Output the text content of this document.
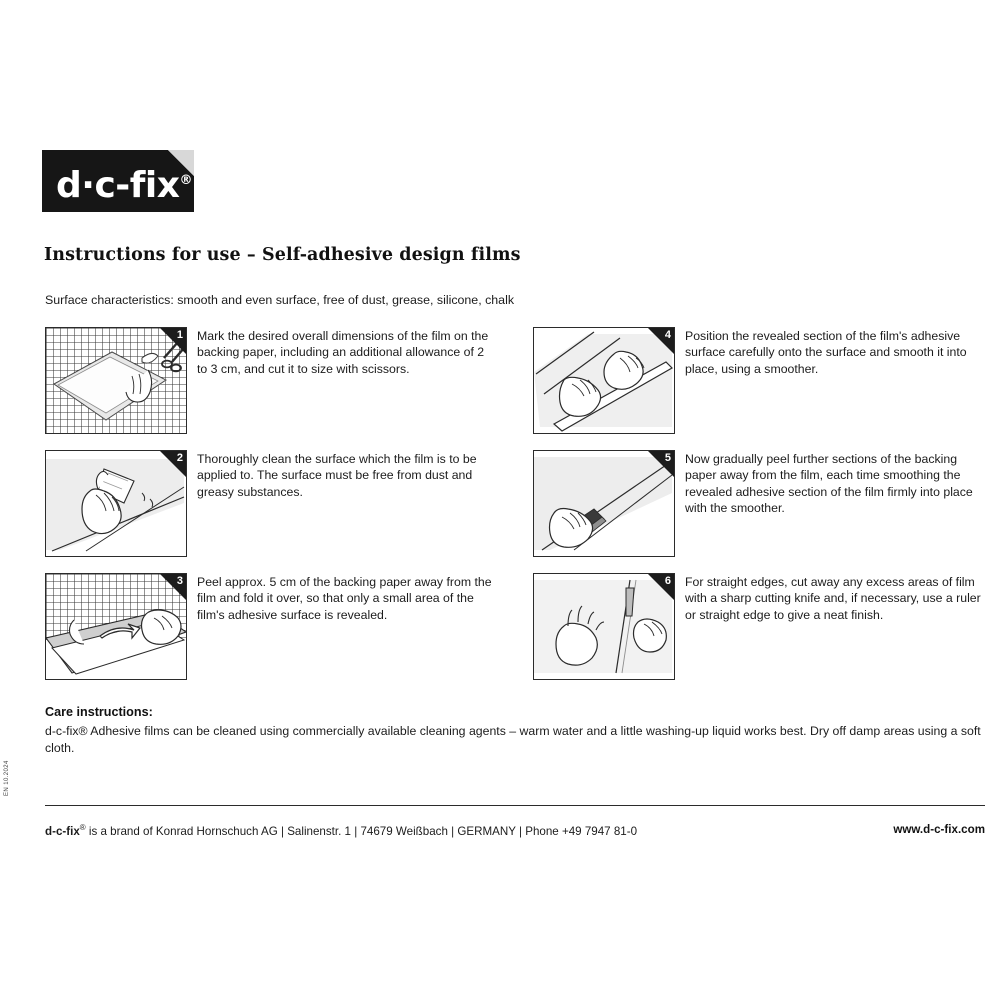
d·c-fix®
Instructions for use – Self-adhesive design films
Surface characteristics: smooth and even surface, free of dust, grease, silicone, chalk
1 Mark the desired overall dimensions of the film on the backing paper, including an additional allowance of 2 to 3 cm, and cut it to size with scissors.
4 Position the revealed section of the film's adhesive surface carefully onto the surface and smooth it into place, using a smoother.
2 Thoroughly clean the surface which the film is to be applied to. The surface must be free from dust and greasy substances.
5 Now gradually peel further sections of the backing paper away from the film, each time smoothing the revealed adhesive section of the film firmly into place with the smoother.
3 Peel approx. 5 cm of the backing paper away from the film and fold it over, so that only a small area of the film's adhesive surface is revealed.
6 For straight edges, cut away any excess areas of film with a sharp cutting knife and, if necessary, use a ruler or straight edge to give a neat finish.
Care instructions:
d-c-fix® Adhesive films can be cleaned using commercially available cleaning agents – warm water and a little washing-up liquid works best. Dry off damp areas using a soft cloth.
d-c-fix® is a brand of Konrad Hornschuch AG | Salinenstr. 1 | 74679 Weißbach | GERMANY | Phone +49 7947 81-0	www.d-c-fix.com
EN 10.2024
